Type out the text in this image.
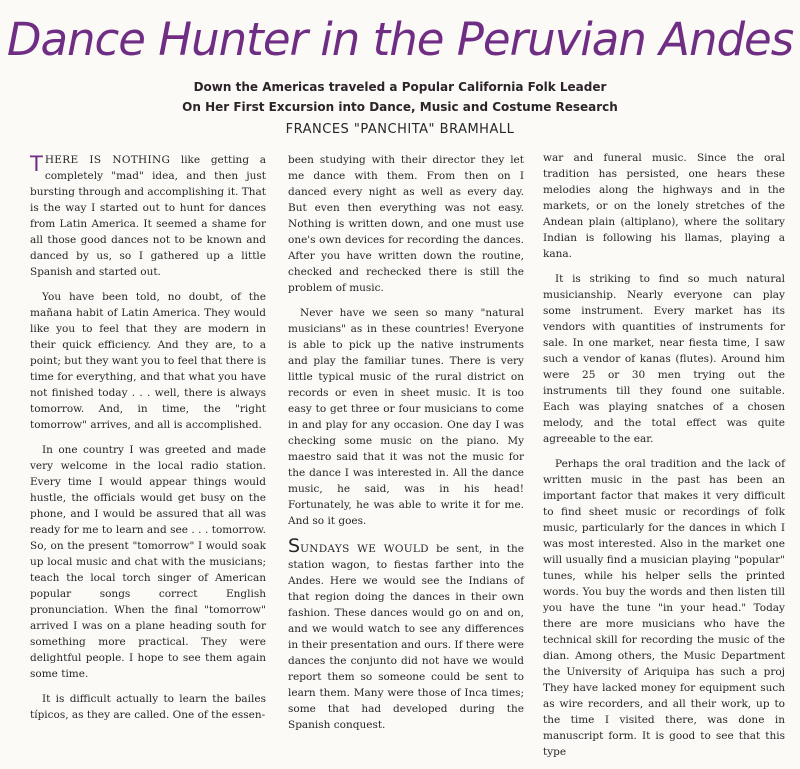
Dance Hunter in the Peruvian Andes
Down the Americas traveled a Popular California Folk Leader
On Her First Excursion into Dance, Music and Costume Research
FRANCES "PANCHITA" BRAMHALL

THERE IS NOTHING like getting a completely "mad" idea, and then just bursting through and accomplishing it. That is the way I started out to hunt for dances from Latin America. It seemed a shame for all those good dances not to be known and danced by us, so I gathered up a little Spanish and started out.

You have been told, no doubt, of the mañana habit of Latin America. They would like you to feel that they are modern in their quick efficiency. And they are, to a point; but they want you to feel that there is time for everything, and that what you have not finished today . . . well, there is always tomorrow. And, in time, the "right tomorrow" arrives, and all is accomplished.

In one country I was greeted and made very welcome in the local radio station. Every time I would appear things would hustle, the officials would get busy on the phone, and I would be assured that all was ready for me to learn and see . . . tomorrow. So, on the present "tomorrow" I would soak up local music and chat with the musicians; teach the local torch singer of American popular songs correct English pronunciation. When the final "tomorrow" arrived I was on a plane heading south for something more practical. They were delightful people. I hope to see them again some time.

It is difficult actually to learn the bailes típicos, as they are called. One of the essen-

been studying with their director they let me dance with them. From then on I danced every night as well as every day. But even then everything was not easy. Nothing is written down, and one must use one's own devices for recording the dances. After you have written down the routine, checked and rechecked there is still the problem of music.

Never have we seen so many "natural musicians" as in these countries! Everyone is able to pick up the native instruments and play the familiar tunes. There is very little typical music of the rural district on records or even in sheet music. It is too easy to get three or four musicians to come in and play for any occasion. One day I was checking some music on the piano. My maestro said that it was not the music for the dance I was interested in. All the dance music, he said, was in his head! Fortunately, he was able to write it for me. And so it goes.

SUNDAYS WE WOULD be sent, in the station wagon, to fiestas farther into the Andes. Here we would see the Indians of that region doing the dances in their own fashion. These dances would go on and on, and we would watch to see any differences in their presentation and ours. If there were dances the conjunto did not have we would report them so someone could be sent to learn them. Many were those of Inca times; some that had developed during the Spanish conquest.

war and funeral music. Since the oral tradition has persisted, one hears these melodies along the highways and in the markets, or on the lonely stretches of the Andean plain (altiplano), where the solitary Indian is following his llamas, playing a kana.

It is striking to find so much natural musicianship. Nearly everyone can play some instrument. Every market has its vendors with quantities of instruments for sale. In one market, near fiesta time, I saw such a vendor of kanas (flutes). Around him were 25 or 30 men trying out the instruments till they found one suitable. Each was playing snatches of a chosen melody, and the total effect was quite agreeable to the ear.

Perhaps the oral tradition and the lack of written music in the past has been an important factor that makes it very difficult to find sheet music or recordings of folk music, particularly for the dances in which I was most interested. Also in the market one will usually find a musician playing "popular" tunes, while his helper sells the printed words. You buy the words and then listen till you have the tune "in your head." Today there are more musicians who have the technical skill for recording the music of the dian. Among others, the Music Department the University of Ariquipa has such a proj They have lacked money for equipment such as wire recorders, and all their work, up to the time I visited there, was done in manuscript form. It is good to see that this type
